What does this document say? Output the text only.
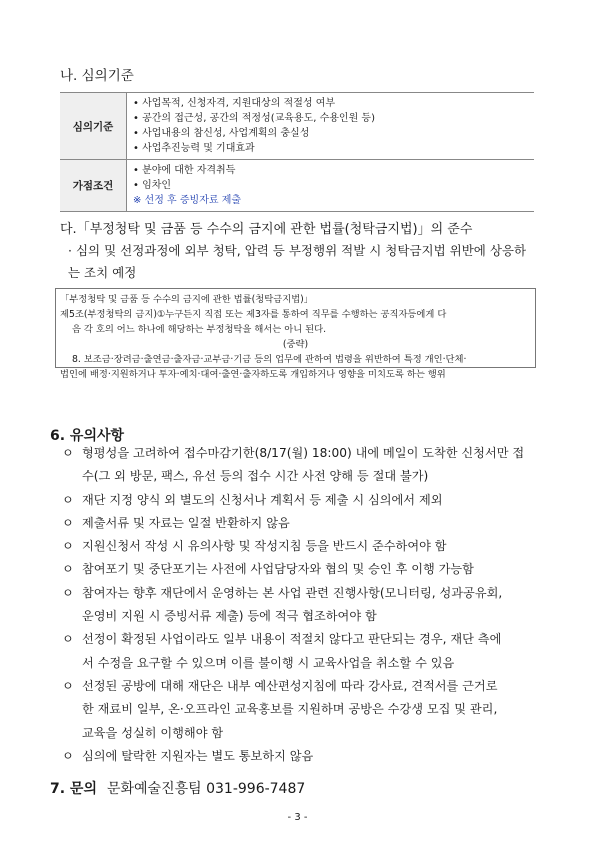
나. 심의기준
심의기준	• 사업목적, 신청자격, 지원대상의 적절성 여부
• 공간의 접근성, 공간의 적정성(교육용도, 수용인원 등)
• 사업내용의 참신성, 사업계획의 충실성
• 사업추진능력 및 기대효과

가점조건	• 분야에 대한 자격취득
• 임차인
※ 선정 후 증빙자료 제출
다.「부정청탁 및 금품 등 수수의 금지에 관한 법률(청탁금지법)」의 준수
· 심의 및 선정과정에 외부 청탁, 압력 등 부정행위 적발 시 청탁금지법 위반에 상응하는 조치 예정
「부정청탁 및 금품 등 수수의 금지에 관한 법률(청탁금지법)」
제5조(부정청탁의 금지)①누구든지 직접 또는 제3자를 통하여 직무를 수행하는 공직자등에게 다
음 각 호의 어느 하나에 해당하는 부정청탁을 해서는 아니 된다.
(중략)
8. 보조금·장려금·출연금·출자금·교부금·기금 등의 업무에 관하여 법령을 위반하여 특정 개인·단체·
법인에 배정·지원하거나 투자·예치·대여·출연·출자하도록 개입하거나 영향을 미치도록 하는 행위
6. 유의사항
ㅇ 형평성을 고려하여 접수마감기한(8/17(월) 18:00) 내에 메일이 도착한 신청서만 접
수(그 외 방문, 팩스, 유선 등의 접수 시간 사전 양해 등 절대 불가)
ㅇ 재단 지정 양식 외 별도의 신청서나 계획서 등 제출 시 심의에서 제외
ㅇ 제출서류 및 자료는 일절 반환하지 않음
ㅇ 지원신청서 작성 시 유의사항 및 작성지침 등을 반드시 준수하여야 함
ㅇ 참여포기 및 중단포기는 사전에 사업담당자와 협의 및 승인 후 이행 가능함
ㅇ 참여자는 향후 재단에서 운영하는 본 사업 관련 진행사항(모니터링, 성과공유회,
운영비 지원 시 증빙서류 제출) 등에 적극 협조하여야 함
ㅇ 선정이 확정된 사업이라도 일부 내용이 적절치 않다고 판단되는 경우, 재단 측에
서 수정을 요구할 수 있으며 이를 불이행 시 교육사업을 취소할 수 있음
ㅇ 선정된 공방에 대해 재단은 내부 예산편성지침에 따라 강사료, 견적서를 근거로
한 재료비 일부, 온·오프라인 교육홍보를 지원하며 공방은 수강생 모집 및 관리,
교육을 성실히 이행해야 함
ㅇ 심의에 탈락한 지원자는 별도 통보하지 않음
7. 문의 문화예술진흥팀 031-996-7487
- 3 -
